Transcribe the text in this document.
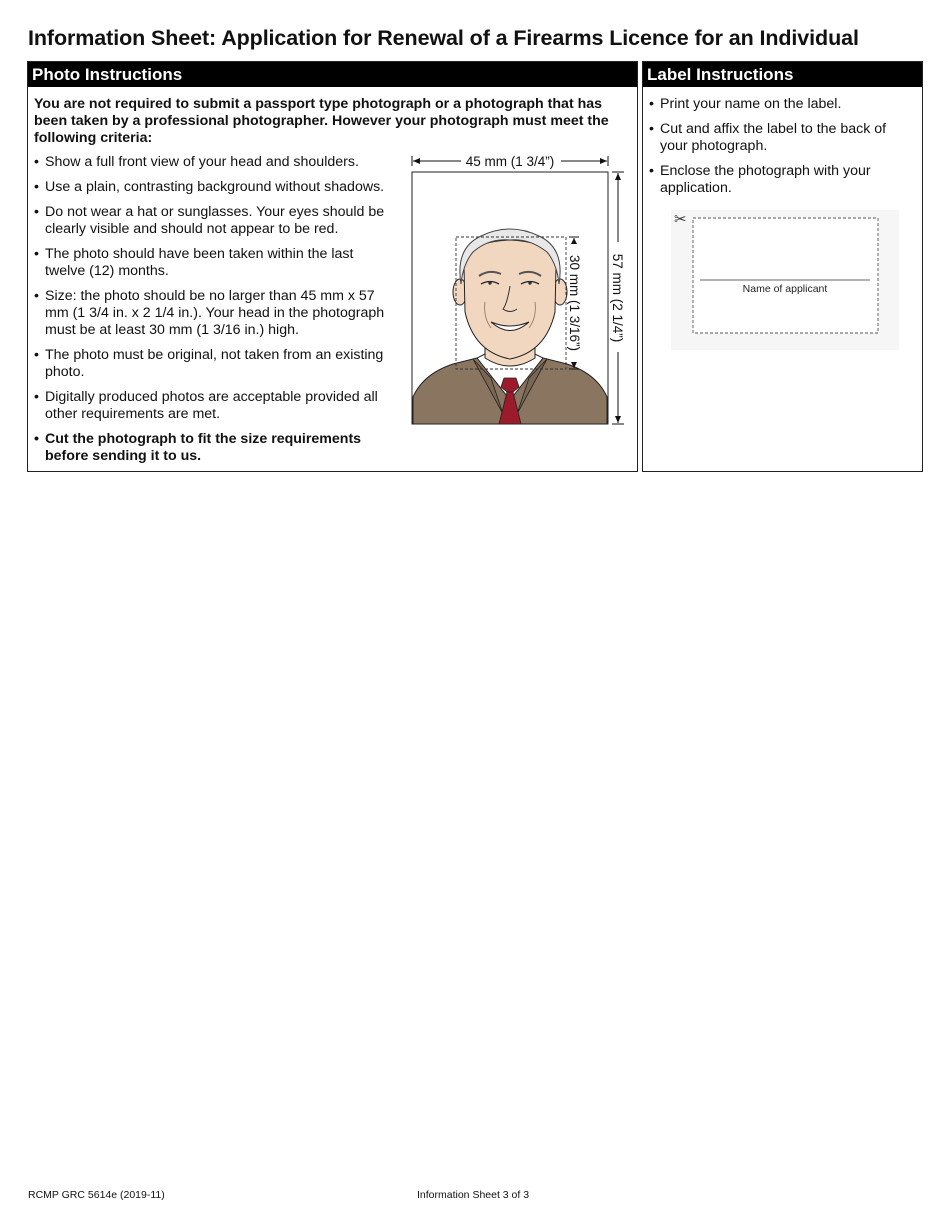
Information Sheet: Application for Renewal of a Firearms Licence for an Individual
Photo Instructions
You are not required to submit a passport type photograph or a photograph that has been taken by a professional photographer. However your photograph must meet the following criteria:
• Show a full front view of your head and shoulders.
• Use a plain, contrasting background without shadows.
• Do not wear a hat or sunglasses. Your eyes should be clearly visible and should not appear to be red.
• The photo should have been taken within the last twelve (12) months.
• Size: the photo should be no larger than 45 mm x 57 mm (1 3/4 in. x 2 1/4 in.). Your head in the photograph must be at least 30 mm (1 3/16 in.) high.
• The photo must be original, not taken from an existing photo.
• Digitally produced photos are acceptable provided all other requirements are met.
• Cut the photograph to fit the size requirements before sending it to us.
45 mm (1 3/4”)
57 mm (2 1/4”)
30 mm (1 3/16”)
Label Instructions
• Print your name on the label.
• Cut and affix the label to the back of your photograph.
• Enclose the photograph with your application.
✂
Name of applicant
RCMP GRC 5614e (2019-11)	Information Sheet 3 of 3
